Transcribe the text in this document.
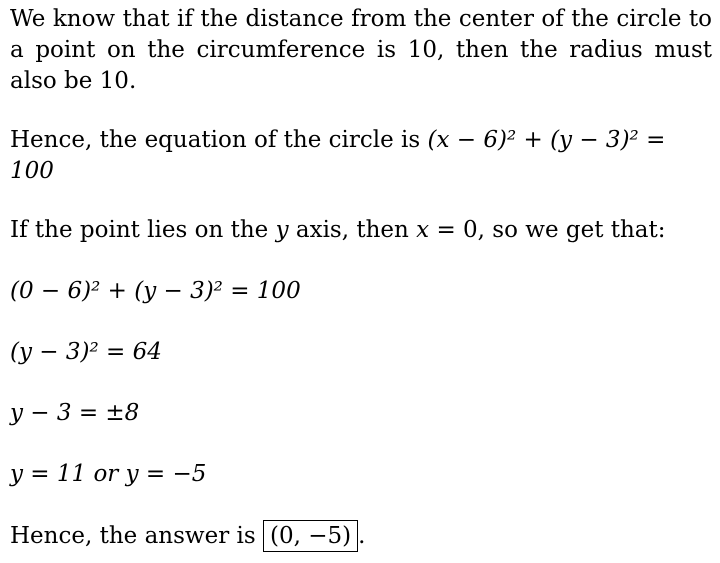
We know that if the distance from the center of the circle to a point on the circumference is 10, then the radius must also be 10.

Hence, the equation of the circle is (x − 6)² + (y − 3)² = 100

If the point lies on the y axis, then x = 0, so we get that:

(0 − 6)² + (y − 3)² = 100

(y − 3)² = 64

y − 3 = ±8

y = 11 or y = −5

Hence, the answer is (0, −5) .
